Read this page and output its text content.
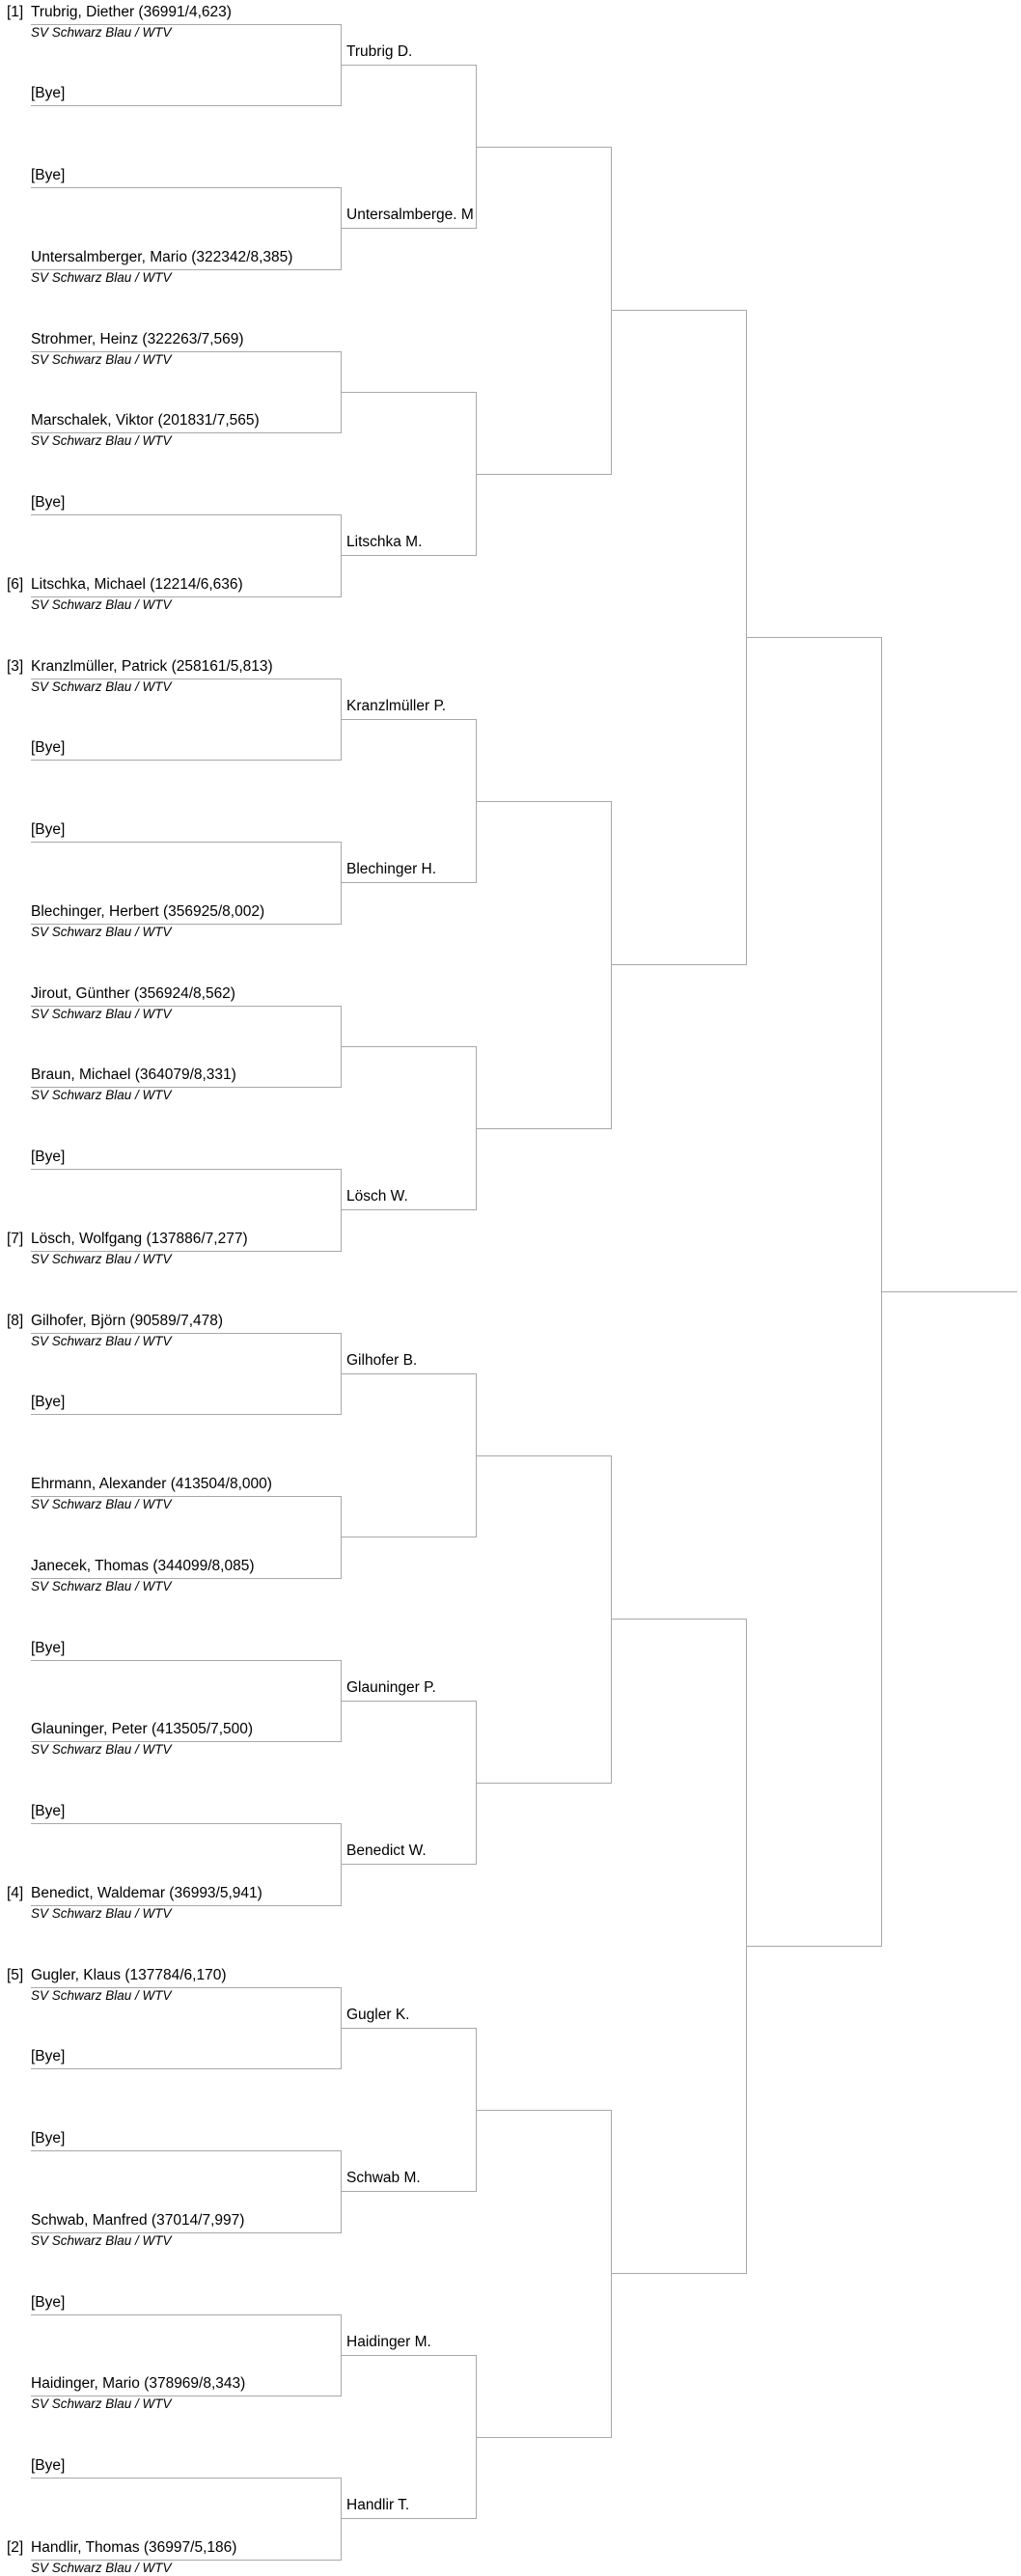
[1] Trubrig, Diether (36991/4,623)
SV Schwarz Blau / WTV
[Bye]
Trubrig D.
[Bye]
Untersalmberger, Mario (322342/8,385)
SV Schwarz Blau / WTV
Untersalmberge. M
Strohmer, Heinz (322263/7,569)
SV Schwarz Blau / WTV
Marschalek, Viktor (201831/7,565)
SV Schwarz Blau / WTV
[Bye]
[6] Litschka, Michael (12214/6,636)
SV Schwarz Blau / WTV
Litschka M.
[3] Kranzlmüller, Patrick (258161/5,813)
SV Schwarz Blau / WTV
[Bye]
Kranzlmüller P.
[Bye]
Blechinger, Herbert (356925/8,002)
SV Schwarz Blau / WTV
Blechinger H.
Jirout, Günther (356924/8,562)
SV Schwarz Blau / WTV
Braun, Michael (364079/8,331)
SV Schwarz Blau / WTV
[Bye]
[7] Lösch, Wolfgang (137886/7,277)
SV Schwarz Blau / WTV
Lösch W.
[8] Gilhofer, Björn (90589/7,478)
SV Schwarz Blau / WTV
[Bye]
Gilhofer B.
Ehrmann, Alexander (413504/8,000)
SV Schwarz Blau / WTV
Janecek, Thomas (344099/8,085)
SV Schwarz Blau / WTV
[Bye]
Glauninger, Peter (413505/7,500)
SV Schwarz Blau / WTV
Glauninger P.
[Bye]
[4] Benedict, Waldemar (36993/5,941)
SV Schwarz Blau / WTV
Benedict W.
[5] Gugler, Klaus (137784/6,170)
SV Schwarz Blau / WTV
[Bye]
Gugler K.
[Bye]
Schwab, Manfred (37014/7,997)
SV Schwarz Blau / WTV
Schwab M.
[Bye]
Haidinger, Mario (378969/8,343)
SV Schwarz Blau / WTV
Haidinger M.
[Bye]
[2] Handlir, Thomas (36997/5,186)
SV Schwarz Blau / WTV
Handlir T.
